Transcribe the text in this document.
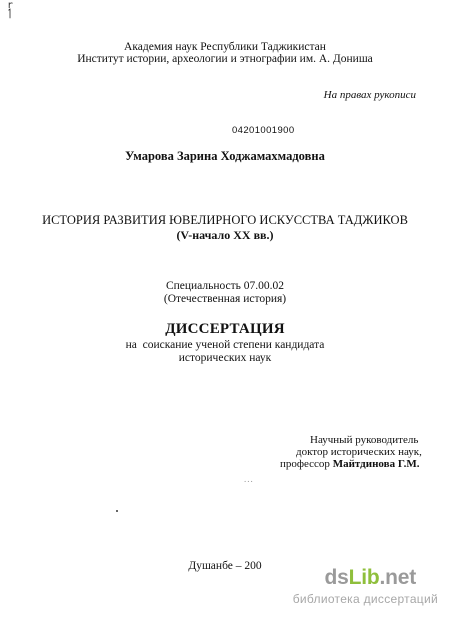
ŗ
|
Академия наук Республики Таджикистан
Институт истории, археологии и этнографии им. А. Дониша
На правах рукописи
04201001900
Умарова Зарина Ходжамахмадовна
ИСТОРИЯ РАЗВИТИЯ ЮВЕЛИРНОГО ИСКУССТВА ТАДЖИКОВ
(V-начало XX вв.)
Специальность 07.00.02
(Отечественная история)
ДИССЕРТАЦИЯ
на  соискание ученой степени кандидата
исторических наук
Научный руководитель
доктор исторических наук,
профессор Майтдинова Г.М.
...
Душанбе – 200	dsLib.net
библиотека диссертаций
